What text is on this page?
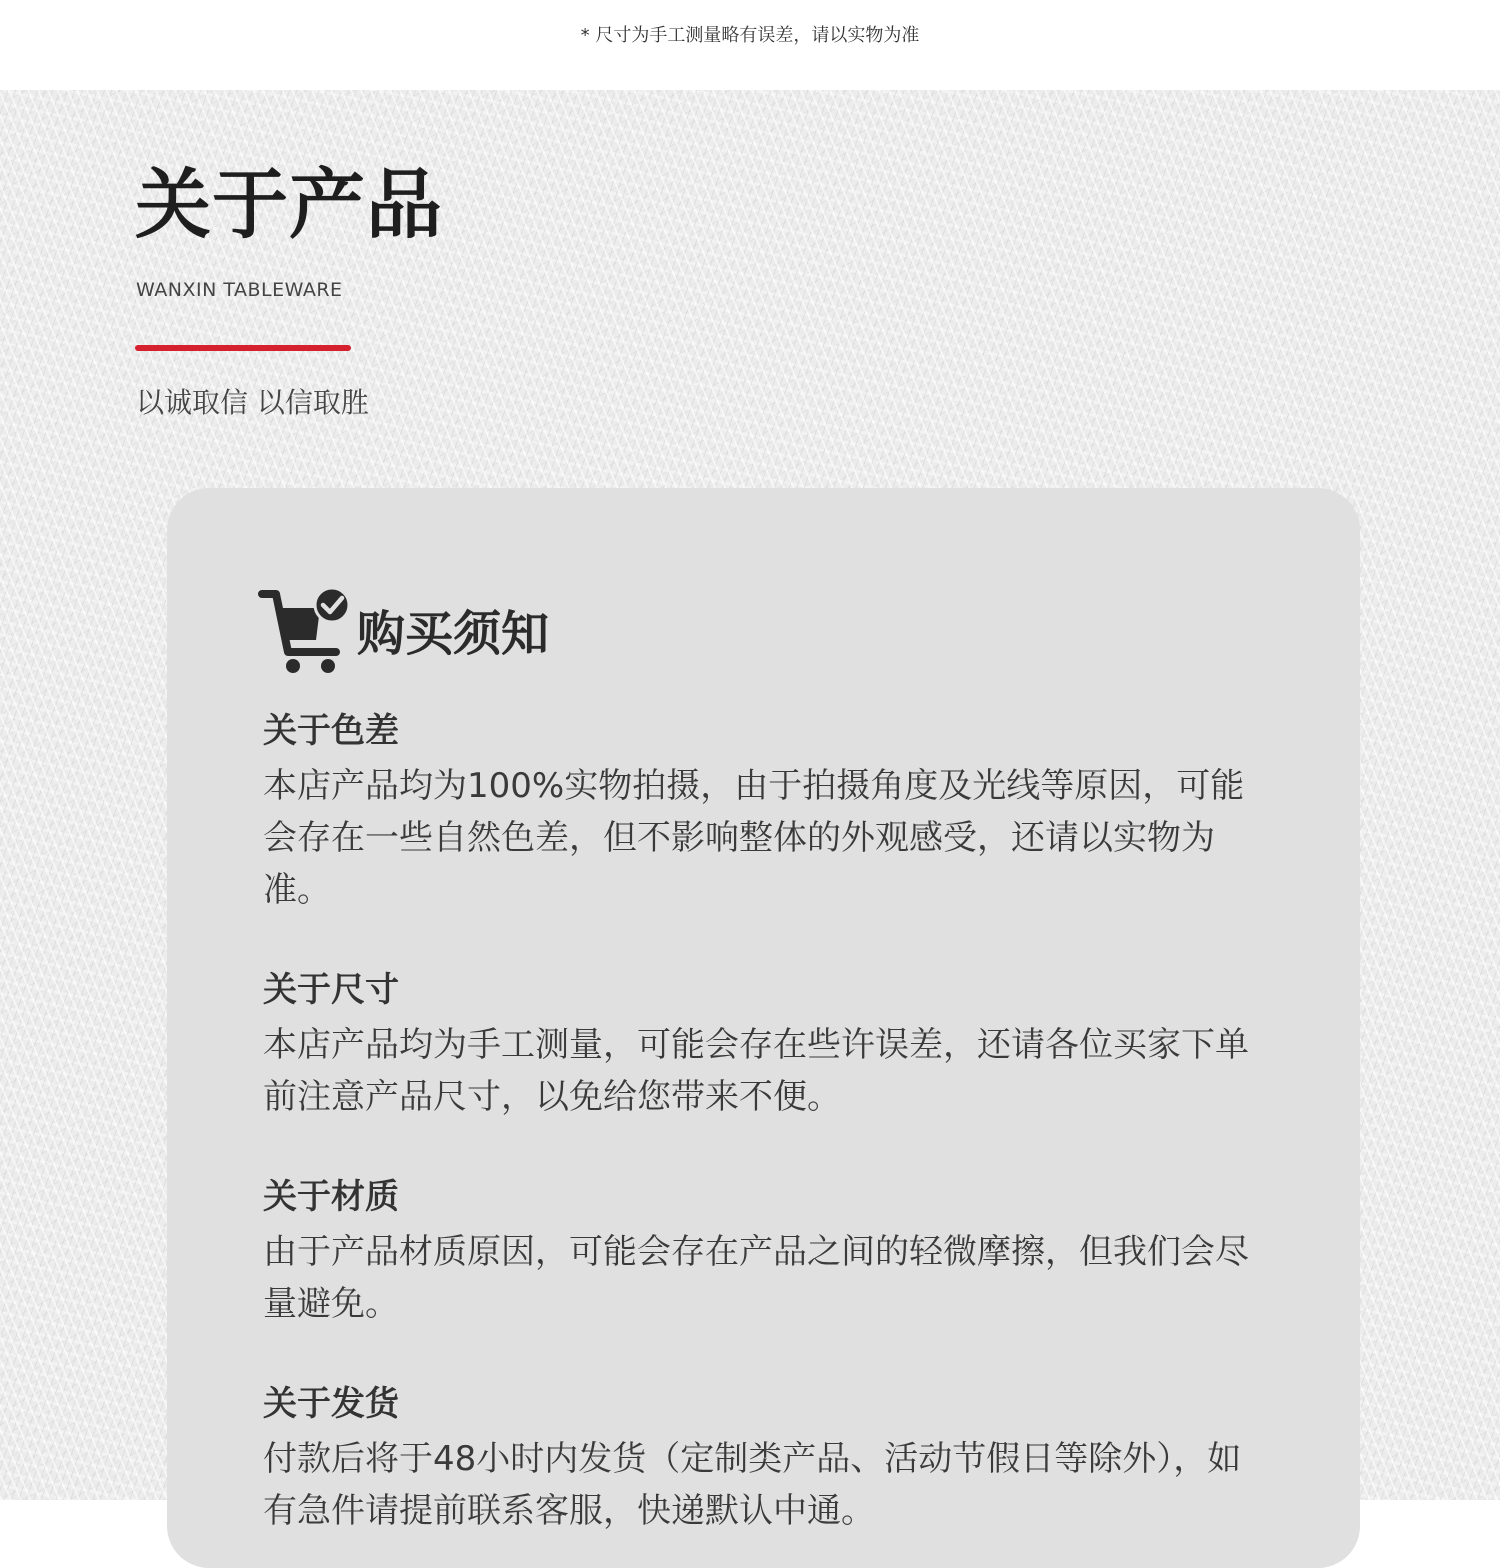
* 尺寸为手工测量略有误差，请以实物为准
关于产品
WANXIN TABLEWARE
以诚取信 以信取胜
购买须知
关于色差

本店产品均为100%实物拍摄，由于拍摄角度及光线等原因，可能会存在一些自然色差，但不影响整体的外观感受，还请以实物为准。

关于尺寸

本店产品均为手工测量，可能会存在些许误差，还请各位买家下单前注意产品尺寸，以免给您带来不便。

关于材质

由于产品材质原因，可能会存在产品之间的轻微摩擦，但我们会尽量避免。

关于发货

付款后将于48小时内发货（定制类产品、活动节假日等除外），如有急件请提前联系客服，快递默认中通。
